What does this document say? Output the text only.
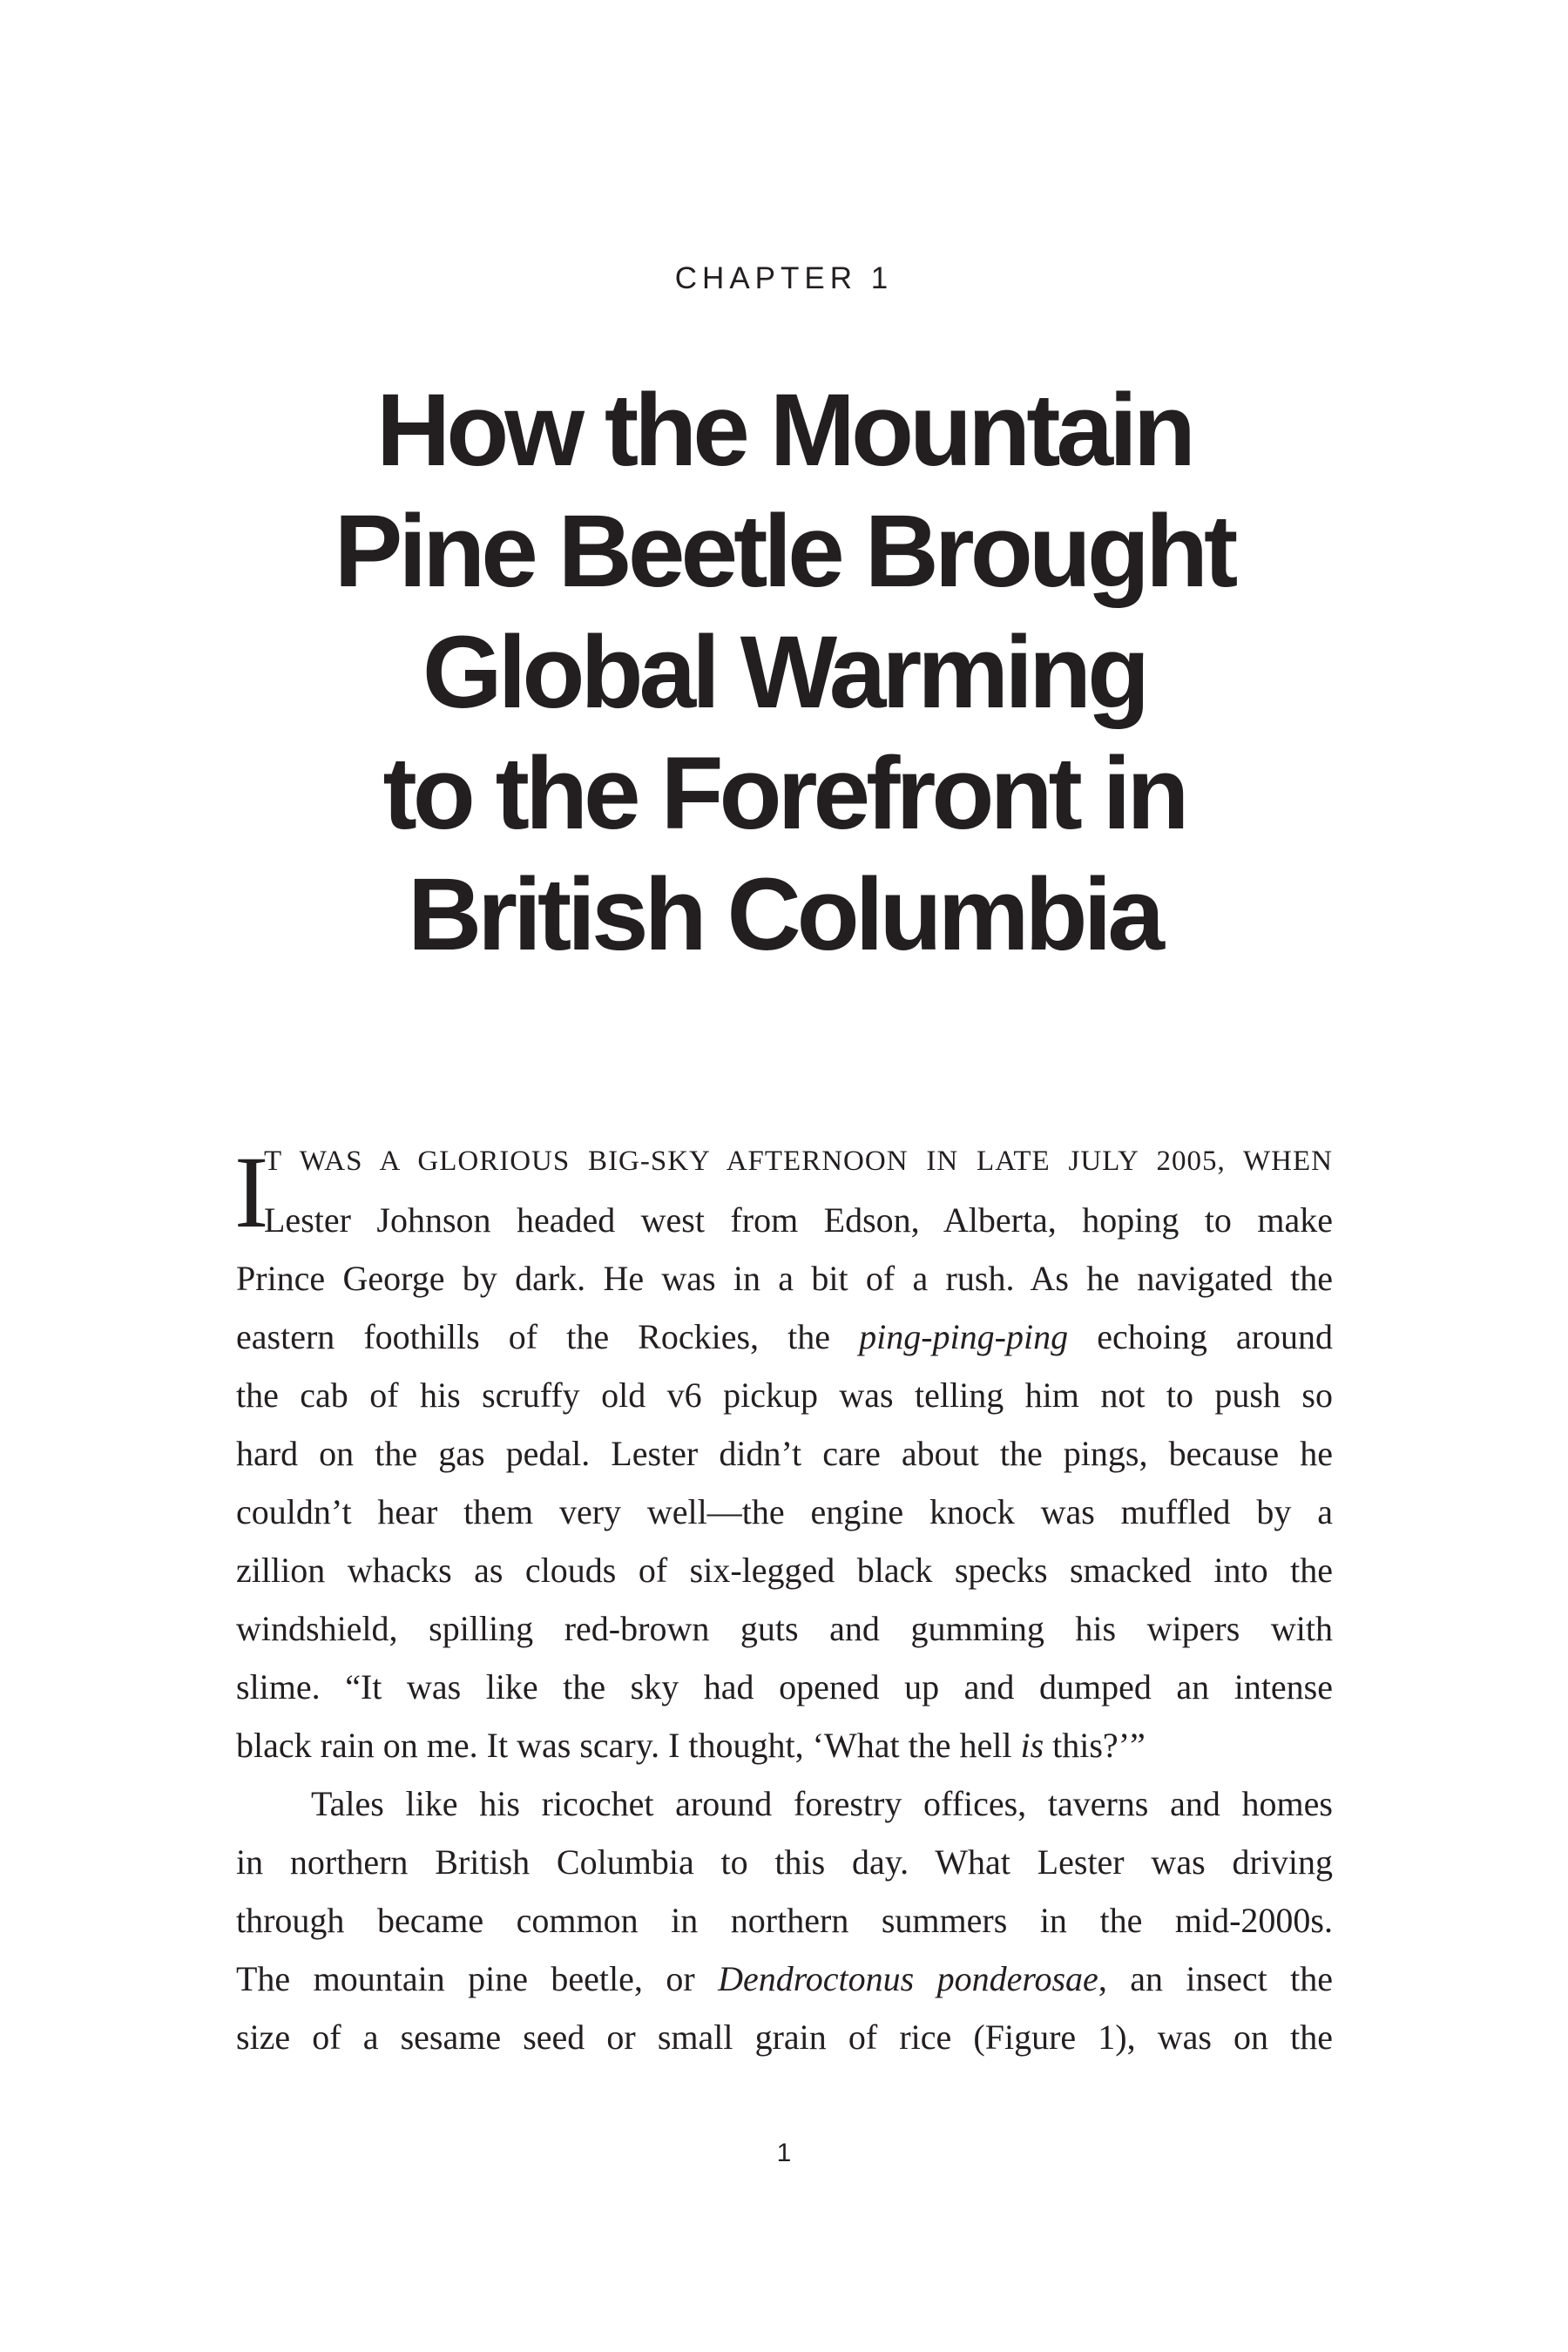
CHAPTER 1
How the Mountain
Pine Beetle Brought
Global Warming
to the Forefront in
British Columbia
I
T WAS A GLORIOUS BIG-SKY AFTERNOON IN LATE JULY 2005, WHEN
Lester Johnson headed west from Edson, Alberta, hoping to make
Prince George by dark. He was in a bit of a rush. As he navigated the
eastern foothills of the Rockies, the ping-ping-ping echoing around
the cab of his scruffy old v6 pickup was telling him not to push so
hard on the gas pedal. Lester didn’t care about the pings, because he
couldn’t hear them very well—the engine knock was muffled by a
zillion whacks as clouds of six-legged black specks smacked into the
windshield, spilling red-brown guts and gumming his wipers with
slime. “It was like the sky had opened up and dumped an intense
black rain on me. It was scary. I thought, ‘What the hell is this?’”
Tales like his ricochet around forestry offices, taverns and homes
in northern British Columbia to this day. What Lester was driving
through became common in northern summers in the mid-2000s.
The mountain pine beetle, or Dendroctonus ponderosae, an insect the
size of a sesame seed or small grain of rice (Figure 1), was on the
1
